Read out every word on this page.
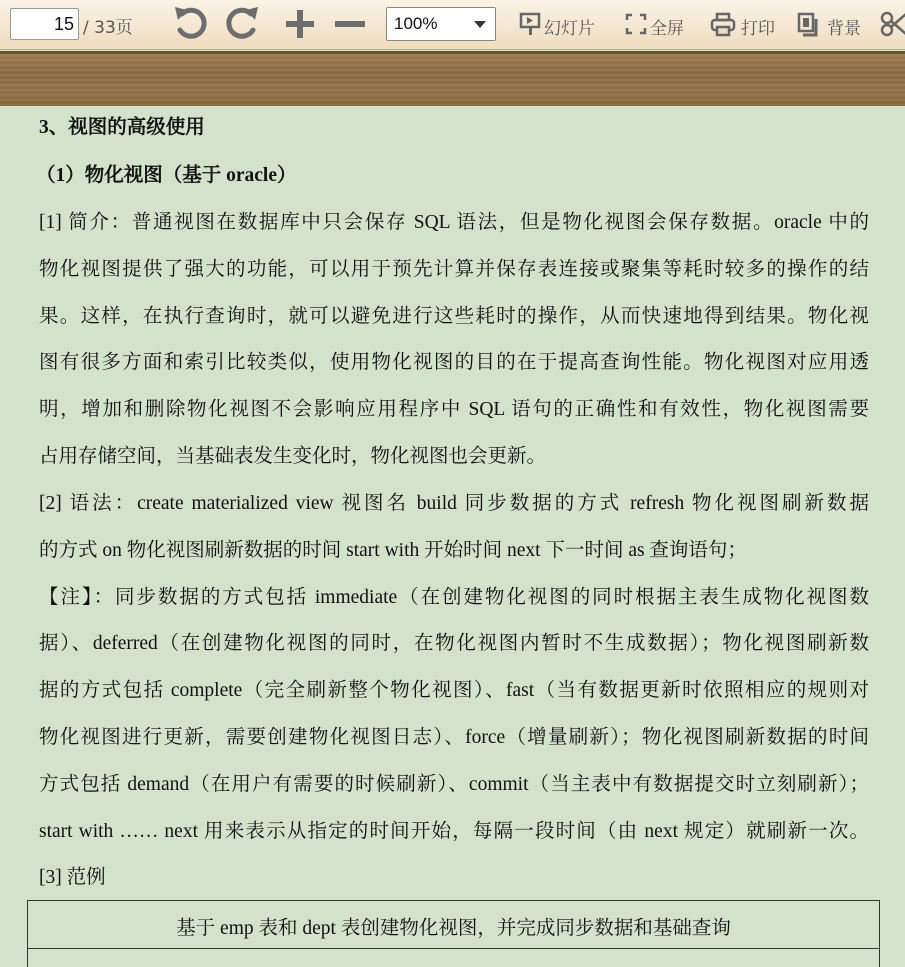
15 / 33页	100%	幻灯片	全屏	打印	背景
3、视图的高级使用
（1）物化视图（基于 oracle）
[1] 简介：普通视图在数据库中只会保存 SQL 语法，但是物化视图会保存数据。oracle 中的
物化视图提供了强大的功能，可以用于预先计算并保存表连接或聚集等耗时较多的操作的结
果。这样，在执行查询时，就可以避免进行这些耗时的操作，从而快速地得到结果。物化视
图有很多方面和索引比较类似，使用物化视图的目的在于提高查询性能。物化视图对应用透
明，增加和删除物化视图不会影响应用程序中 SQL 语句的正确性和有效性，物化视图需要
占用存储空间，当基础表发生变化时，物化视图也会更新。
[2] 语法：create materialized view 视图名 build 同步数据的方式 refresh 物化视图刷新数据
的方式 on 物化视图刷新数据的时间 start with 开始时间 next 下一时间 as 查询语句；
【注】：同步数据的方式包括 immediate（在创建物化视图的同时根据主表生成物化视图数
据）、deferred（在创建物化视图的同时，在物化视图内暂时不生成数据）；物化视图刷新数
据的方式包括 complete（完全刷新整个物化视图）、fast（当有数据更新时依照相应的规则对
物化视图进行更新，需要创建物化视图日志）、force（增量刷新）；物化视图刷新数据的时间
方式包括 demand（在用户有需要的时候刷新）、commit（当主表中有数据提交时立刻刷新）；
start with …… next 用来表示从指定的时间开始，每隔一段时间（由 next 规定）就刷新一次。
[3] 范例
基于 emp 表和 dept 表创建物化视图，并完成同步数据和基础查询
